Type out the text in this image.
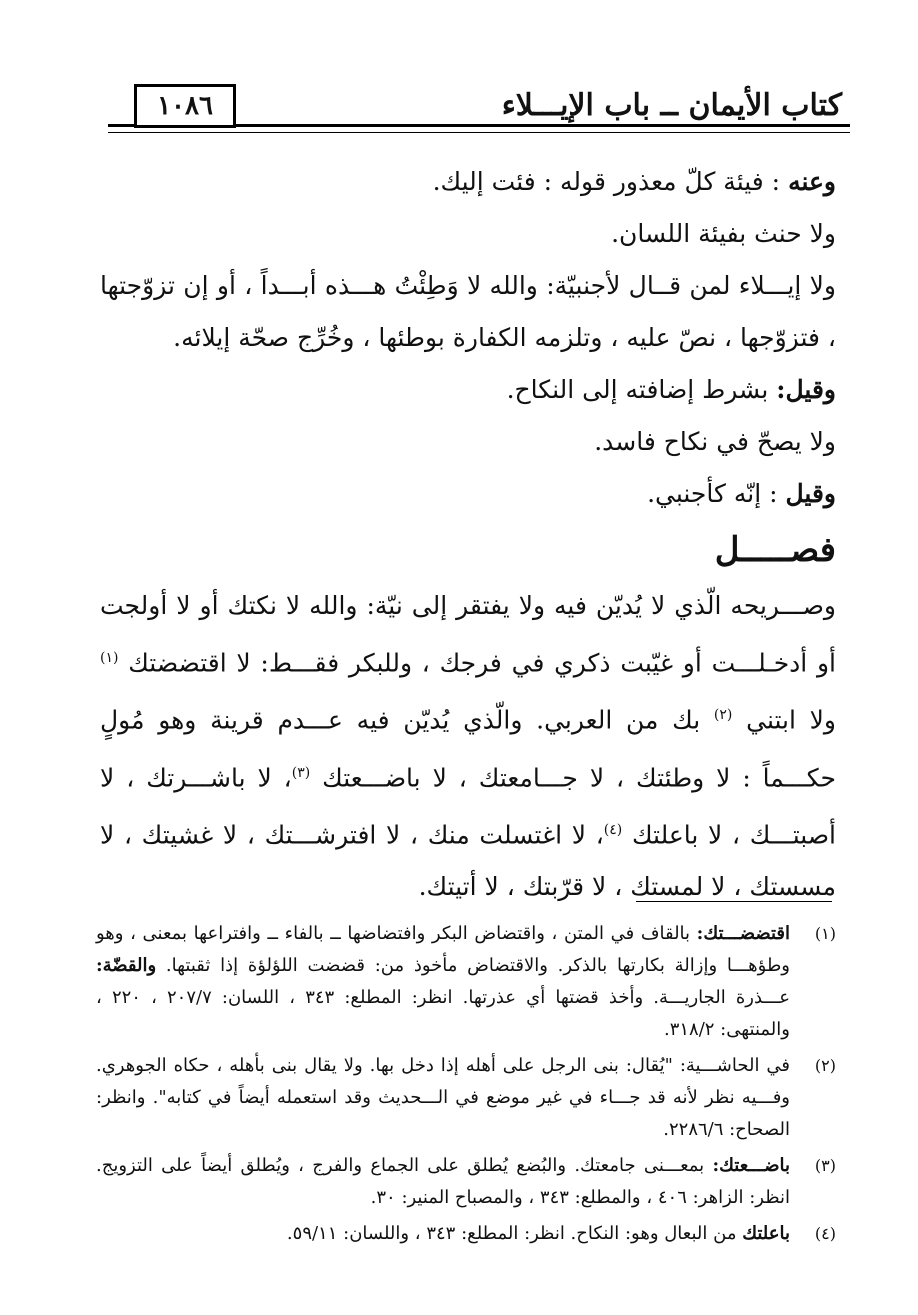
١٠٨٦	كتاب الأيمان ــ باب الإيـــلاء

وعنه : فيئة كلّ معذور قوله : فئت إليك.

ولا حنث بفيئة اللسان.

ولا إيـــلاء لمن قــال لأجنبيّة: والله لا وَطِئْتُ هـــذه أبـــداً ، أو إن تزوّجتها ، فتزوّجها ، نصّ عليه ، وتلزمه الكفارة بوطئها ، وخُرِّج صحّة إيلائه.

وقيل: بشرط إضافته إلى النكاح.

ولا يصحّ في نكاح فاسد.

وقيل : إنّه كأجنبي.

فصـــــل

وصـــريحه الّذي لا يُديّن فيه ولا يفتقر إلى نيّة: والله لا نكتك أو لا أولجت أو أدخـلـــت أو غيّبت ذكري في فرجك ، وللبكر فقـــط: لا اقتضضتك $^{(١)}$ ولا ابتني $^{(٢)}$ بك من العربي. والّذي يُديّن فيه عـــدم قرينة وهو مُولٍ حكـــماً : لا وطئتك ، لا جـــامعتك ، لا باضـــعتك $^{(٣)}$، لا باشـــرتك ، لا أصبتـــك ، لا باعلتك $^{(٤)}$، لا اغتسلت منك ، لا افترشـــتك ، لا غشيتك ، لا مسستك ، لا لمستك ، لا قرّبتك ، لا أتيتك.

(١)
اقتضضـــتك: بالقاف في المتن ، واقتضاض البكر وافتضاضها ــ بالفاء ــ وافتراعها بمعنى ، وهو وطؤهـــا وإزالة بكارتها بالذكر. والاقتضاض مأخوذ من: قضضت اللؤلؤة إذا ثقبتها. والقضّة: عـــذرة الجاريـــة. وأخذ قضتها أي عذرتها. انظر: المطلع: ٣٤٣ ، اللسان: ٢٠٧/٧ ، ٢٢٠ ، والمنتهى: ٣١٨/٢.
(٢)
في الحاشـــية: "يُقال: بنى الرجل على أهله إذا دخل بها. ولا يقال بنى بأهله ، حكاه الجوهري. وفـــيه نظر لأنه قد جـــاء في غير موضع في الـــحديث وقد استعمله أيضاً في كتابه". وانظر: الصحاح: ٢٢٨٦/٦.
(٣)
باضـــعتك: بمعـــنى جامعتك. والبُضع يُطلق على الجماع والفرج ، ويُطلق أيضاً على التزويج. انظر: الزاهر: ٤٠٦ ، والمطلع: ٣٤٣ ، والمصباح المنير: ٣٠.
(٤)
باعلتك من البعال وهو: النكاح. انظر: المطلع: ٣٤٣ ، واللسان: ٥٩/١١.
